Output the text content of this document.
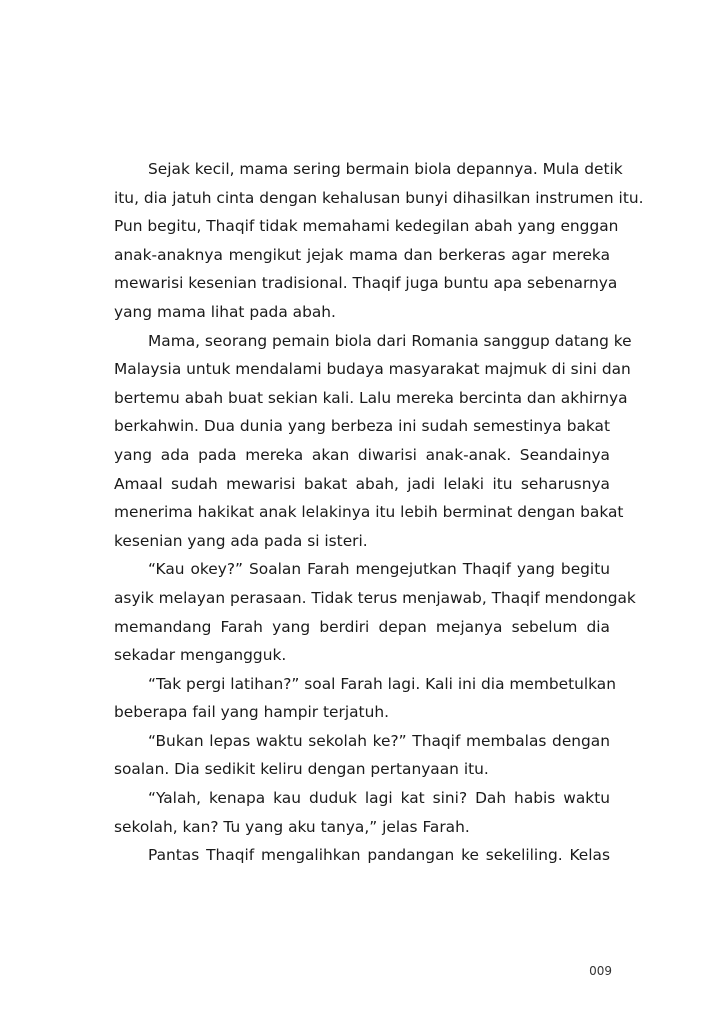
Sejak kecil, mama sering bermain biola depannya. Mula detik
itu, dia jatuh cinta dengan kehalusan bunyi dihasilkan instrumen itu.
Pun begitu, Thaqif tidak memahami kedegilan abah yang enggan
anak-anaknya mengikut jejak mama dan berkeras agar mereka
mewarisi kesenian tradisional. Thaqif juga buntu apa sebenarnya
yang mama lihat pada abah.
Mama, seorang pemain biola dari Romania sanggup datang ke
Malaysia untuk mendalami budaya masyarakat majmuk di sini dan
bertemu abah buat sekian kali. Lalu mereka bercinta dan akhirnya
berkahwin. Dua dunia yang berbeza ini sudah semestinya bakat
yang ada pada mereka akan diwarisi anak-anak. Seandainya
Amaal sudah mewarisi bakat abah, jadi lelaki itu seharusnya
menerima hakikat anak lelakinya itu lebih berminat dengan bakat
kesenian yang ada pada si isteri.
“Kau okey?” Soalan Farah mengejutkan Thaqif yang begitu
asyik melayan perasaan. Tidak terus menjawab, Thaqif mendongak
memandang Farah yang berdiri depan mejanya sebelum dia
sekadar mengangguk.
“Tak pergi latihan?” soal Farah lagi. Kali ini dia membetulkan
beberapa fail yang hampir terjatuh.
“Bukan lepas waktu sekolah ke?” Thaqif membalas dengan
soalan. Dia sedikit keliru dengan pertanyaan itu.
“Yalah, kenapa kau duduk lagi kat sini? Dah habis waktu
sekolah, kan? Tu yang aku tanya,” jelas Farah.
Pantas Thaqif mengalihkan pandangan ke sekeliling. Kelas
009
